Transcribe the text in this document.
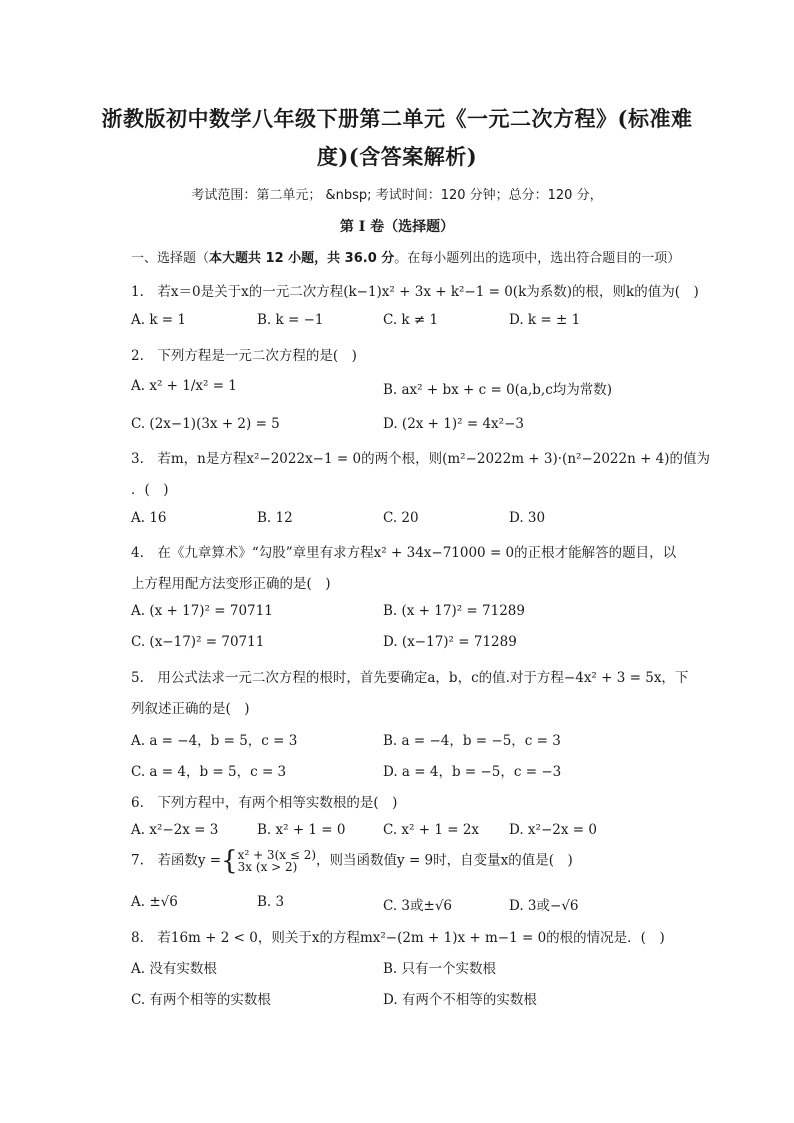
浙教版初中数学八年级下册第二单元《一元二次方程》(标准难
度)(含答案解析)
考试范围：第二单元； &nbsp; 考试时间：120 分钟；总分：120 分，
第 I 卷（选择题）
一、选择题（本大题共 12 小题，共 36.0 分。在每小题列出的选项中，选出符合题目的一项）
1.　若x＝0是关于x的一元二次方程(k−1)x² + 3x + k²−1 = 0(k为系数)的根，则k的值为(　)
A. k = 1	B. k = −1	C. k ≠ 1	D. k = ± 1
2.　下列方程是一元二次方程的是(　)
A. x² + 1/x² = 1	B. ax² + bx + c = 0(a,b,c均为常数)
C. (2x−1)(3x + 2) = 5	D. (2x + 1)² = 4x²−3
3.　若m，n是方程x²−2022x−1 = 0的两个根，则(m²−2022m + 3)·(n²−2022n + 4)的值为
．(　)
A. 16	B. 12	C. 20	D. 30
4.　在《九章算术》“勾股”章里有求方程x² + 34x−71000 = 0的正根才能解答的题目，以
上方程用配方法变形正确的是(　)
A. (x + 17)² = 70711	B. (x + 17)² = 71289
C. (x−17)² = 70711	D. (x−17)² = 71289
5.　用公式法求一元二次方程的根时，首先要确定a，b，c的值.对于方程−4x² + 3 = 5x，下
列叙述正确的是(　)
A. a = −4，b = 5，c = 3	B. a = −4，b = −5，c = 3
C. a = 4，b = 5，c = 3	D. a = 4，b = −5，c = −3
6.　下列方程中，有两个相等实数根的是(　)
A. x²−2x = 3	B. x² + 1 = 0	C. x² + 1 = 2x D. x²−2x = 0
7.　若函数y ={ x² + 3(x ≤ 2)
3x (x > 2)	，则当函数值y = 9时，自变量x的值是(　)
A. ±√6	B. 3	C. 3或±√6	D. 3或−√6
8.　若16m + 2 < 0，则关于x的方程mx²−(2m + 1)x + m−1 = 0的根的情况是．(　)
A. 没有实数根	B. 只有一个实数根
C. 有两个相等的实数根	D. 有两个不相等的实数根
